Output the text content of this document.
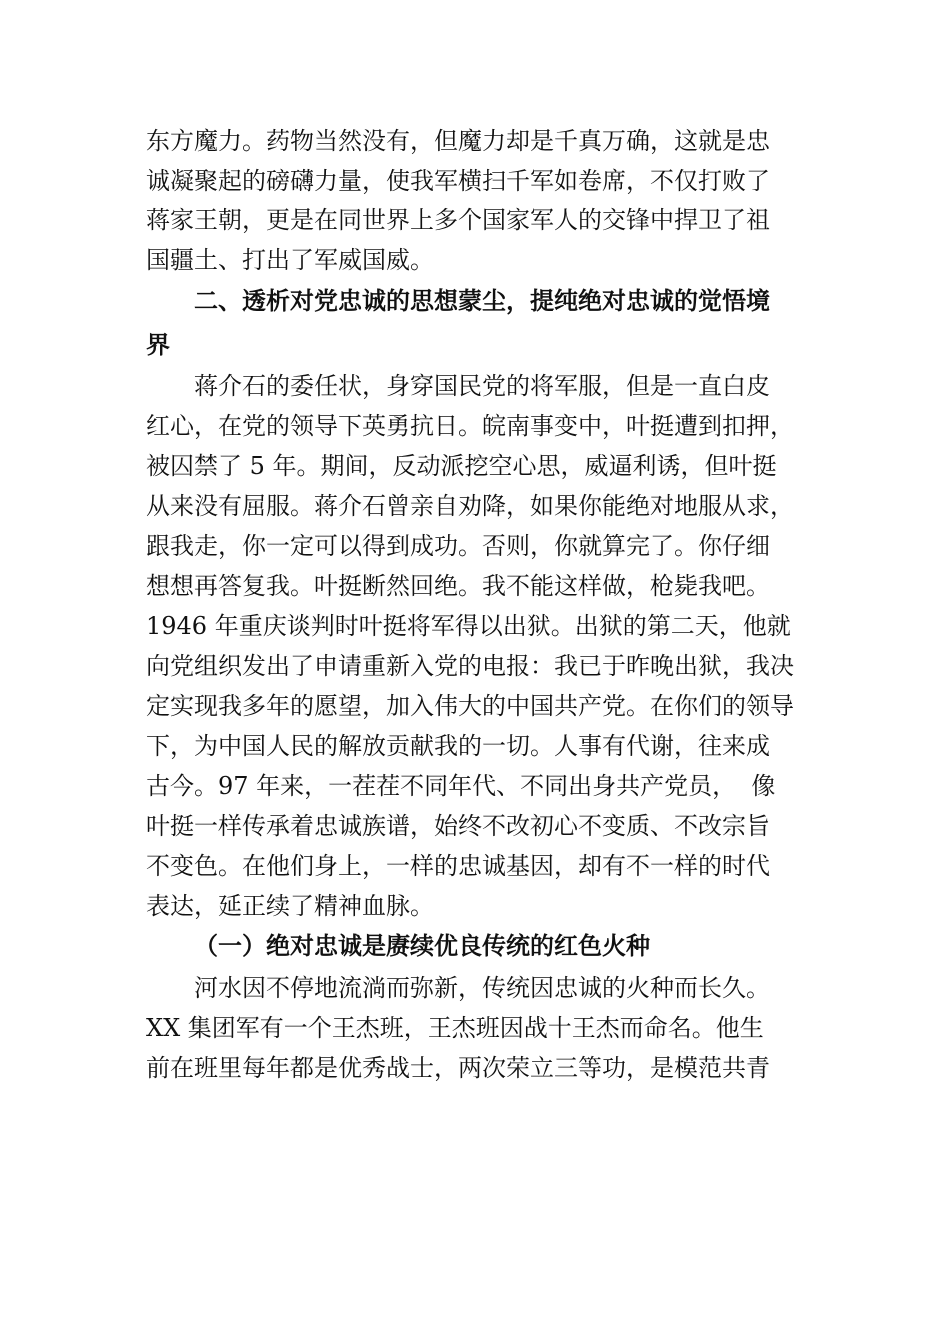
东方魔力。药物当然没有，但魔力却是千真万确，这就是忠
诚凝聚起的磅礴力量，使我军横扫千军如卷席，不仅打败了
蒋家王朝，更是在同世界上多个国家军人的交锋中捍卫了祖
国疆土、打出了军威国威。
二、透析对党忠诚的思想蒙尘，提纯绝对忠诚的觉悟境
界
蒋介石的委任状，身穿国民党的将军服，但是一直白皮
红心，在党的领导下英勇抗日。皖南事变中，叶挺遭到扣押，
被囚禁了 5 年。期间，反动派挖空心思，威逼利诱，但叶挺
从来没有屈服。蒋介石曾亲自劝降，如果你能绝对地服从求，
跟我走，你一定可以得到成功。否则，你就算完了。你仔细
想想再答复我。叶挺断然回绝。我不能这样做，枪毙我吧。
1946 年重庆谈判时叶挺将军得以出狱。出狱的第二天，他就
向党组织发出了申请重新入党的电报：我已于昨晚出狱，我决
定实现我多年的愿望，加入伟大的中国共产党。在你们的领导
下，为中国人民的解放贡献我的一切。人事有代谢，往来成
古今。97 年来，一茬茬不同年代、不同出身共产党员，  像
叶挺一样传承着忠诚族谱，始终不改初心不变质、不改宗旨
不变色。在他们身上，一样的忠诚基因，却有不一样的时代
表达，延正续了精神血脉。
（一）绝对忠诚是赓续优良传统的红色火种
河水因不停地流淌而弥新，传统因忠诚的火种而长久。
XX 集团军有一个王杰班，王杰班因战十王杰而命名。他生
前在班里每年都是优秀战士，两次荣立三等功，是模范共青
